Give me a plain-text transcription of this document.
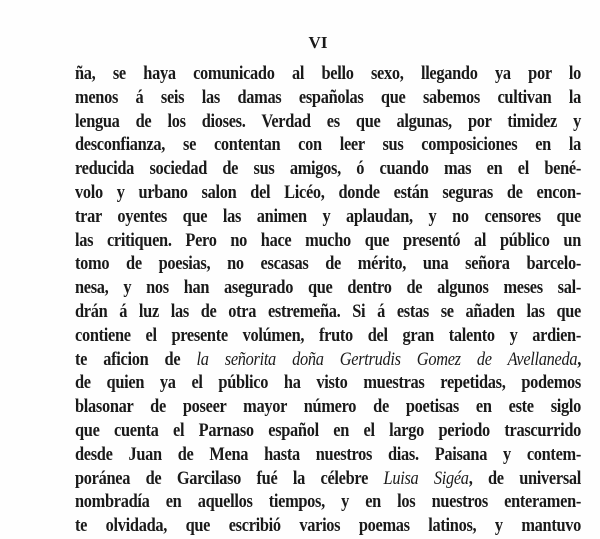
VI
ña, se haya comunicado al bello sexo, llegando ya por lo
menos á seis las damas españolas que sabemos cultivan la
lengua de los dioses. Verdad es que algunas, por timidez y
desconfianza, se contentan con leer sus composiciones en la
reducida sociedad de sus amigos, ó cuando mas en el bené-
volo y urbano salon del Licéo, donde están seguras de encon-
trar oyentes que las animen y aplaudan, y no censores que
las critiquen. Pero no hace mucho que presentó al público un
tomo de poesias, no escasas de mérito, una señora barcelo-
nesa, y nos han asegurado que dentro de algunos meses sal-
drán á luz las de otra estremeña. Si á estas se añaden las que
contiene el presente volúmen, fruto del gran talento y ardien-
te aficion de la señorita doña Gertrudis Gomez de Avellaneda,
de quien ya el público ha visto muestras repetidas, podemos
blasonar de poseer mayor número de poetisas en este siglo
que cuenta el Parnaso español en el largo periodo trascurrido
desde Juan de Mena hasta nuestros dias. Paisana y contem-
poránea de Garcilaso fué la célebre Luisa Sigéa, de universal
nombradía en aquellos tiempos, y en los nuestros enteramen-
te olvidada, que escribió varios poemas latinos, y mantuvo
